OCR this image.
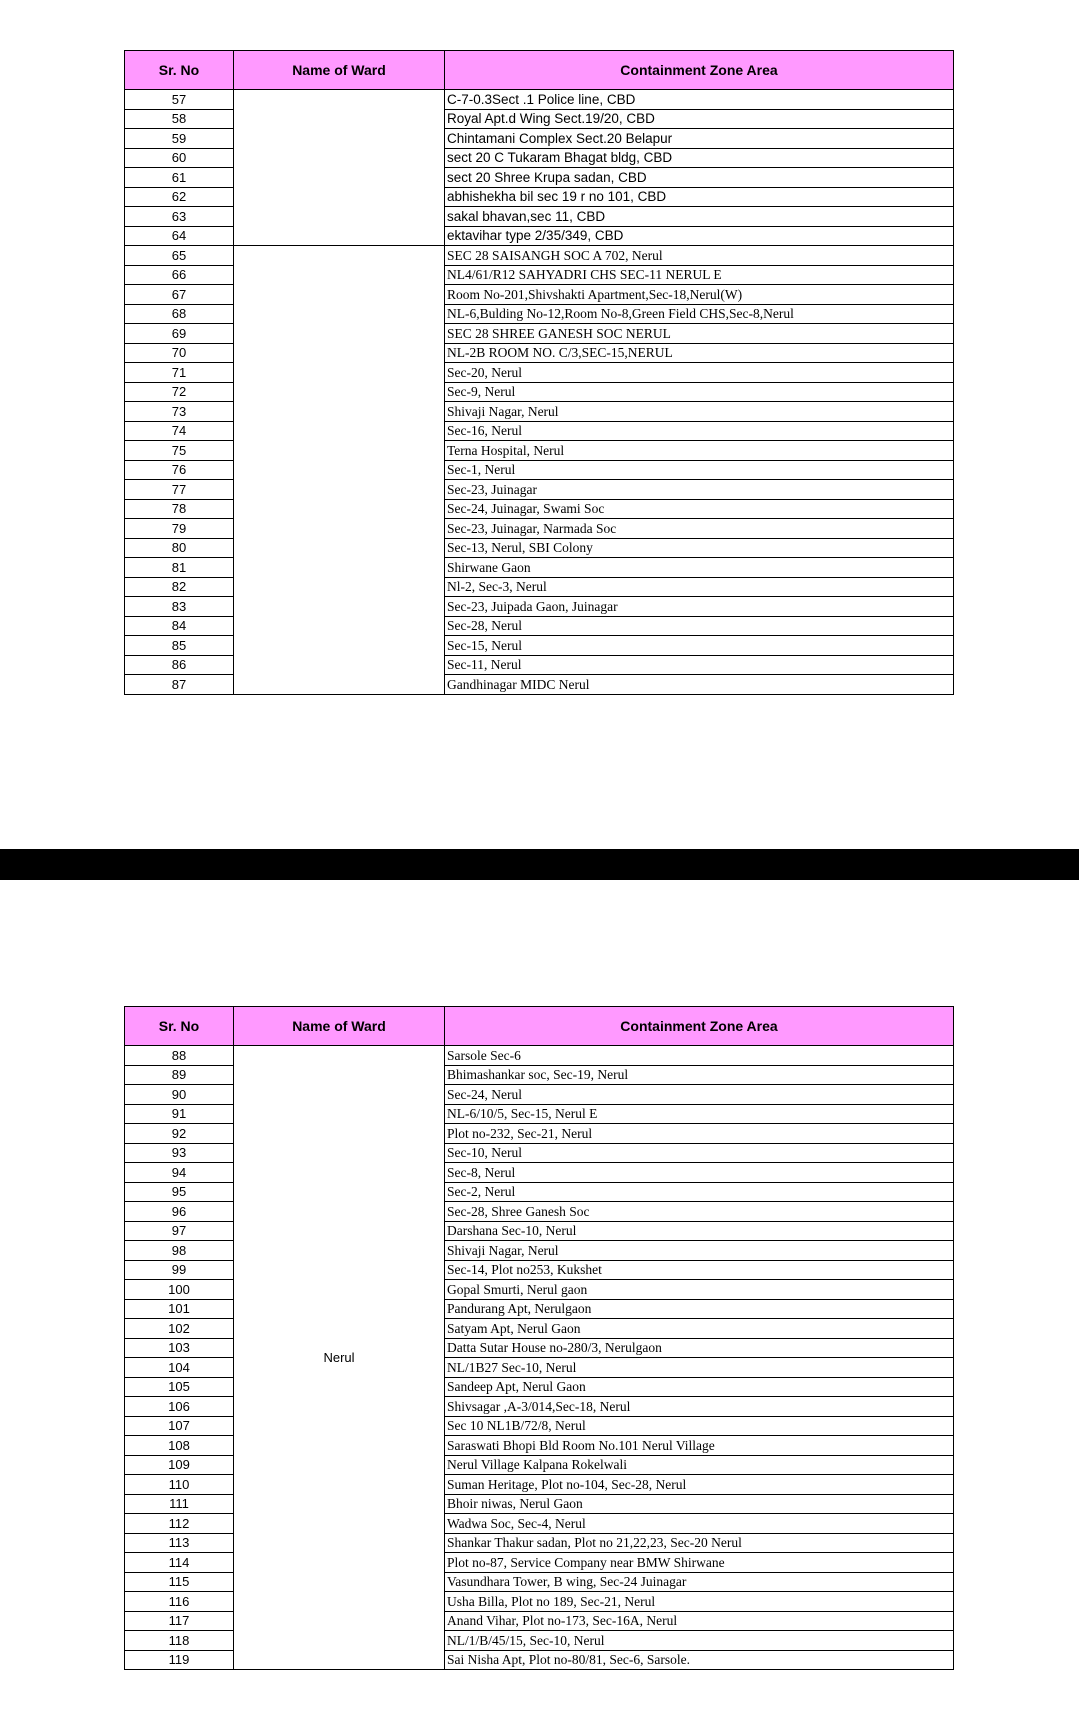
Sr. No	Name of Ward	Containment Zone Area
57		C-7-0.3Sect .1 Police line, CBD
58		Royal Apt.d Wing Sect.19/20, CBD
59		Chintamani Complex Sect.20 Belapur
60		sect 20 C Tukaram Bhagat bldg, CBD
61		sect 20 Shree Krupa sadan, CBD
62		abhishekha bil sec 19 r no 101, CBD
63		sakal bhavan,sec 11, CBD
64		ektavihar type 2/35/349, CBD
65		SEC 28 SAISANGH SOC A 702, Nerul
66		NL4/61/R12 SAHYADRI CHS SEC-11 NERUL E
67		Room No-201,Shivshakti Apartment,Sec-18,Nerul(W)
68		NL-6,Bulding No-12,Room No-8,Green Field CHS,Sec-8,Nerul
69		SEC 28 SHREE GANESH SOC NERUL
70		NL-2B ROOM NO. C/3,SEC-15,NERUL
71		Sec-20, Nerul
72		Sec-9, Nerul
73		Shivaji Nagar, Nerul
74		Sec-16, Nerul
75		Terna Hospital, Nerul
76		Sec-1, Nerul
77		Sec-23, Juinagar
78		Sec-24, Juinagar, Swami Soc
79		Sec-23, Juinagar, Narmada Soc
80		Sec-13, Nerul, SBI Colony
81		Shirwane Gaon
82		Nl-2, Sec-3, Nerul
83		Sec-23, Juipada Gaon, Juinagar
84		Sec-28, Nerul
85		Sec-15, Nerul
86		Sec-11, Nerul
87		Gandhinagar MIDC Nerul
Sr. No	Name of Ward	Containment Zone Area
88	Nerul	Sarsole Sec-6
89		Bhimashankar soc, Sec-19, Nerul
90		Sec-24, Nerul
91		NL-6/10/5, Sec-15, Nerul E
92		Plot no-232, Sec-21, Nerul
93		Sec-10, Nerul
94		Sec-8, Nerul
95		Sec-2, Nerul
96		Sec-28, Shree Ganesh Soc
97		Darshana Sec-10, Nerul
98		Shivaji Nagar, Nerul
99		Sec-14, Plot no253, Kukshet
100		Gopal Smurti, Nerul gaon
101		Pandurang Apt, Nerulgaon
102		Satyam Apt, Nerul Gaon
103		Datta Sutar House no-280/3, Nerulgaon
104		NL/1B27 Sec-10, Nerul
105		Sandeep Apt, Nerul Gaon
106		Shivsagar ,A-3/014,Sec-18, Nerul
107		Sec 10 NL1B/72/8, Nerul
108		Saraswati Bhopi Bld Room No.101 Nerul Village
109		Nerul Village Kalpana Rokelwali
110		Suman Heritage, Plot no-104, Sec-28, Nerul
111		Bhoir niwas, Nerul Gaon
112		Wadwa Soc, Sec-4, Nerul
113		Shankar Thakur sadan, Plot no 21,22,23, Sec-20 Nerul
114		Plot no-87, Service Company near BMW Shirwane
115		Vasundhara Tower, B wing, Sec-24 Juinagar
116		Usha Billa, Plot no 189, Sec-21, Nerul
117		Anand Vihar, Plot no-173, Sec-16A, Nerul
118		NL/1/B/45/15, Sec-10, Nerul
119		Sai Nisha Apt, Plot no-80/81, Sec-6, Sarsole.
